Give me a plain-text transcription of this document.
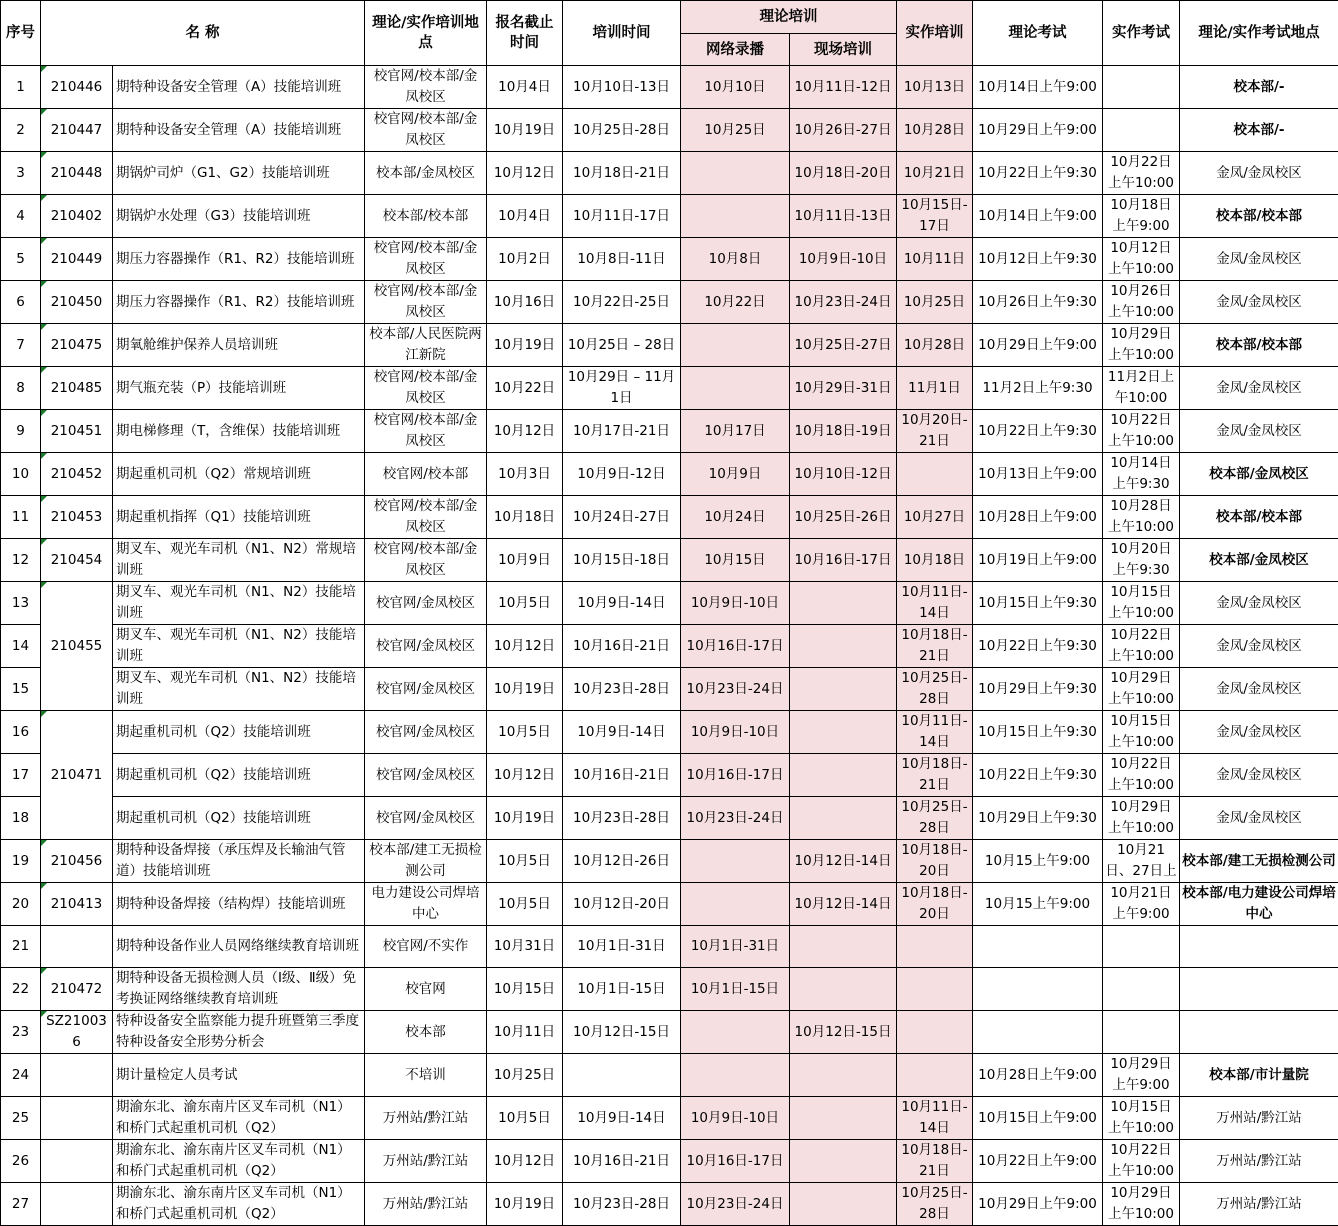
序号	名 称		理论/实作培训地点	报名截止时间	培训时间	理论培训		实作培训	理论考试	实作考试	理论/实作考试地点
						网络录播	现场培训				
1	210446	期特种设备安全管理（A）技能培训班	校官网/校本部/金凤校区	10月4日	10月10日-13日	10月10日	10月11日-12日	10月13日	10月14日上午9:00		校本部/-
2	210447	期特种设备安全管理（A）技能培训班	校官网/校本部/金凤校区	10月19日	10月25日-28日	10月25日	10月26日-27日	10月28日	10月29日上午9:00		校本部/-
3	210448	期锅炉司炉（G1、G2）技能培训班	校本部/金凤校区	10月12日	10月18日-21日		10月18日-20日	10月21日	10月22日上午9:30	10月22日上午10:00	金凤/金凤校区
4	210402	期锅炉水处理（G3）技能培训班	校本部/校本部	10月4日	10月11日-17日		10月11日-13日	10月15日-17日	10月14日上午9:00	10月18日上午9:00	校本部/校本部
5	210449	期压力容器操作（R1、R2）技能培训班	校官网/校本部/金凤校区	10月2日	10月8日-11日	10月8日	10月9日-10日	10月11日	10月12日上午9:30	10月12日上午10:00	金凤/金凤校区
6	210450	期压力容器操作（R1、R2）技能培训班	校官网/校本部/金凤校区	10月16日	10月22日-25日	10月22日	10月23日-24日	10月25日	10月26日上午9:30	10月26日上午10:00	金凤/金凤校区
7	210475	期氧舱维护保养人员培训班	校本部/人民医院两江新院	10月19日	10月25日 – 28日		10月25日-27日	10月28日	10月29日上午9:00	10月29日上午10:00	校本部/校本部
8	210485	期气瓶充装（P）技能培训班	校官网/校本部/金凤校区	10月22日	10月29日 – 11月1日		10月29日-31日	11月1日	11月2日上午9:30	11月2日上午10:00	金凤/金凤校区
9	210451	期电梯修理（T，含维保）技能培训班	校官网/校本部/金凤校区	10月12日	10月17日-21日	10月17日	10月18日-19日	10月20日-21日	10月22日上午9:30	10月22日上午10:00	金凤/金凤校区
10	210452	期起重机司机（Q2）常规培训班	校官网/校本部	10月3日	10月9日-12日	10月9日	10月10日-12日		10月13日上午9:00	10月14日上午9:30	校本部/金凤校区
11	210453	期起重机指挥（Q1）技能培训班	校官网/校本部/金凤校区	10月18日	10月24日-27日	10月24日	10月25日-26日	10月27日	10月28日上午9:00	10月28日上午10:00	校本部/校本部
12	210454	期叉车、观光车司机（N1、N2）常规培训班	校官网/校本部/金凤校区	10月9日	10月15日-18日	10月15日	10月16日-17日	10月18日	10月19日上午9:00	10月20日上午9:30	校本部/金凤校区
13	210455	期叉车、观光车司机（N1、N2）技能培训班	校官网/金凤校区	10月5日	10月9日-14日	10月9日-10日		10月11日-14日	10月15日上午9:30	10月15日上午10:00	金凤/金凤校区
14		期叉车、观光车司机（N1、N2）技能培训班	校官网/金凤校区	10月12日	10月16日-21日	10月16日-17日		10月18日-21日	10月22日上午9:30	10月22日上午10:00	金凤/金凤校区
15		期叉车、观光车司机（N1、N2）技能培训班	校官网/金凤校区	10月19日	10月23日-28日	10月23日-24日		10月25日-28日	10月29日上午9:30	10月29日上午10:00	金凤/金凤校区
16	210471	期起重机司机（Q2）技能培训班	校官网/金凤校区	10月5日	10月9日-14日	10月9日-10日		10月11日-14日	10月15日上午9:30	10月15日上午10:00	金凤/金凤校区
17		期起重机司机（Q2）技能培训班	校官网/金凤校区	10月12日	10月16日-21日	10月16日-17日		10月18日-21日	10月22日上午9:30	10月22日上午10:00	金凤/金凤校区
18		期起重机司机（Q2）技能培训班	校官网/金凤校区	10月19日	10月23日-28日	10月23日-24日		10月25日-28日	10月29日上午9:30	10月29日上午10:00	金凤/金凤校区
19	210456	期特种设备焊接（承压焊及长输油气管道）技能培训班	校本部/建工无损检测公司	10月5日	10月12日-26日		10月12日-14日	10月18日-20日	10月15上午9:00	10月21日、27日上	校本部/建工无损检测公司
20	210413	期特种设备焊接（结构焊）技能培训班	电力建设公司焊培中心	10月5日	10月12日-20日		10月12日-14日	10月18日-20日	10月15上午9:00	10月21日上午9:00	校本部/电力建设公司焊培中心
21		期特种设备作业人员网络继续教育培训班	校官网/不实作	10月31日	10月1日-31日	10月1日-31日					
22	210472	期特种设备无损检测人员（Ⅰ级、Ⅱ级）免考换证网络继续教育培训班	校官网	10月15日	10月1日-15日	10月1日-15日					
23	SZ210036	特种设备安全监察能力提升班暨第三季度特种设备安全形势分析会	校本部	10月11日	10月12日-15日		10月12日-15日				
24		期计量检定人员考试	不培训	10月25日					10月28日上午9:00	10月29日上午9:00	校本部/市计量院
25		期渝东北、渝东南片区叉车司机（N1）和桥门式起重机司机（Q2）	万州站/黔江站	10月5日	10月9日-14日	10月9日-10日		10月11日-14日	10月15日上午9:00	10月15日上午10:00	万州站/黔江站
26		期渝东北、渝东南片区叉车司机（N1）和桥门式起重机司机（Q2）	万州站/黔江站	10月12日	10月16日-21日	10月16日-17日		10月18日-21日	10月22日上午9:00	10月22日上午10:00	万州站/黔江站
27		期渝东北、渝东南片区叉车司机（N1）和桥门式起重机司机（Q2）	万州站/黔江站	10月19日	10月23日-28日	10月23日-24日		10月25日-28日	10月29日上午9:00	10月29日上午10:00	万州站/黔江站
